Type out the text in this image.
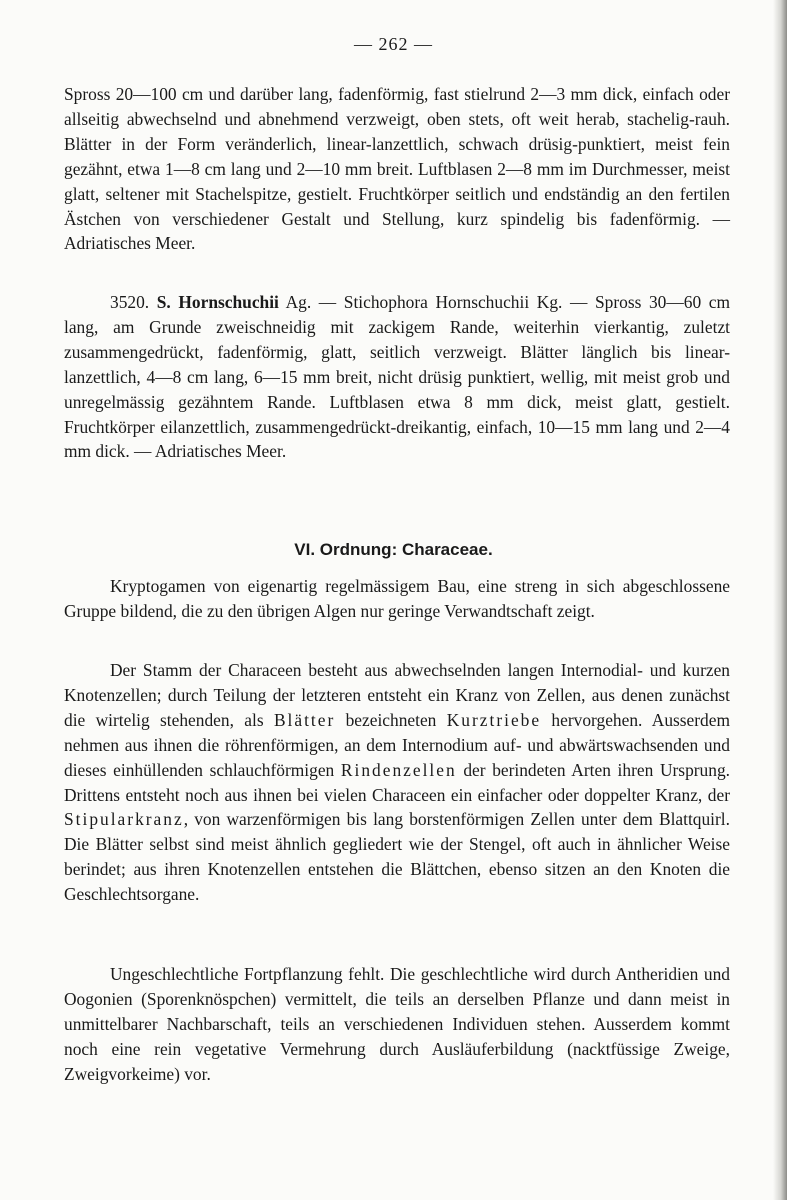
— 262 —

Spross 20—100 cm und darüber lang, fadenförmig, fast stielrund 2—3 mm dick, einfach oder allseitig abwechselnd und abnehmend verzweigt, oben stets, oft weit herab, stachelig-rauh. Blätter in der Form veränderlich, linear-lanzettlich, schwach drüsig-punktiert, meist fein gezähnt, etwa 1—8 cm lang und 2—10 mm breit. Luftblasen 2—8 mm im Durchmesser, meist glatt, seltener mit Stachelspitze, gestielt. Fruchtkörper seitlich und endständig an den fertilen Ästchen von verschiedener Gestalt und Stellung, kurz spindelig bis fadenförmig. — Adriatisches Meer.

3520. S. Hornschuchii Ag. — Stichophora Hornschuchii Kg. — Spross 30—60 cm lang, am Grunde zweischneidig mit zackigem Rande, weiterhin vierkantig, zuletzt zusammengedrückt, fadenförmig, glatt, seitlich verzweigt. Blätter länglich bis linear-lanzettlich, 4—8 cm lang, 6—15 mm breit, nicht drüsig punktiert, wellig, mit meist grob und unregelmässig gezähntem Rande. Luftblasen etwa 8 mm dick, meist glatt, gestielt. Fruchtkörper eilanzettlich, zusammengedrückt-dreikantig, einfach, 10—15 mm lang und 2—4 mm dick. — Adriatisches Meer.

VI. Ordnung: Characeae.

Kryptogamen von eigenartig regelmässigem Bau, eine streng in sich abgeschlossene Gruppe bildend, die zu den übrigen Algen nur geringe Verwandtschaft zeigt.

Der Stamm der Characeen besteht aus abwechselnden langen Internodial- und kurzen Knotenzellen; durch Teilung der letzteren entsteht ein Kranz von Zellen, aus denen zunächst die wirtelig stehenden, als Blätter bezeichneten Kurztriebe hervorgehen. Ausserdem nehmen aus ihnen die röhrenförmigen, an dem Internodium auf- und abwärtswachsenden und dieses einhüllenden schlauchförmigen Rindenzellen der berindeten Arten ihren Ursprung. Drittens entsteht noch aus ihnen bei vielen Characeen ein einfacher oder doppelter Kranz, der Stipularkranz, von warzenförmigen bis lang borstenförmigen Zellen unter dem Blattquirl. Die Blätter selbst sind meist ähnlich gegliedert wie der Stengel, oft auch in ähnlicher Weise berindet; aus ihren Knotenzellen entstehen die Blättchen, ebenso sitzen an den Knoten die Geschlechtsorgane.

Ungeschlechtliche Fortpflanzung fehlt. Die geschlechtliche wird durch Antheridien und Oogonien (Sporenknöspchen) vermittelt, die teils an derselben Pflanze und dann meist in unmittelbarer Nachbarschaft, teils an verschiedenen Individuen stehen. Ausserdem kommt noch eine rein vegetative Vermehrung durch Ausläuferbildung (nacktfüssige Zweige, Zweigvorkeime) vor.
